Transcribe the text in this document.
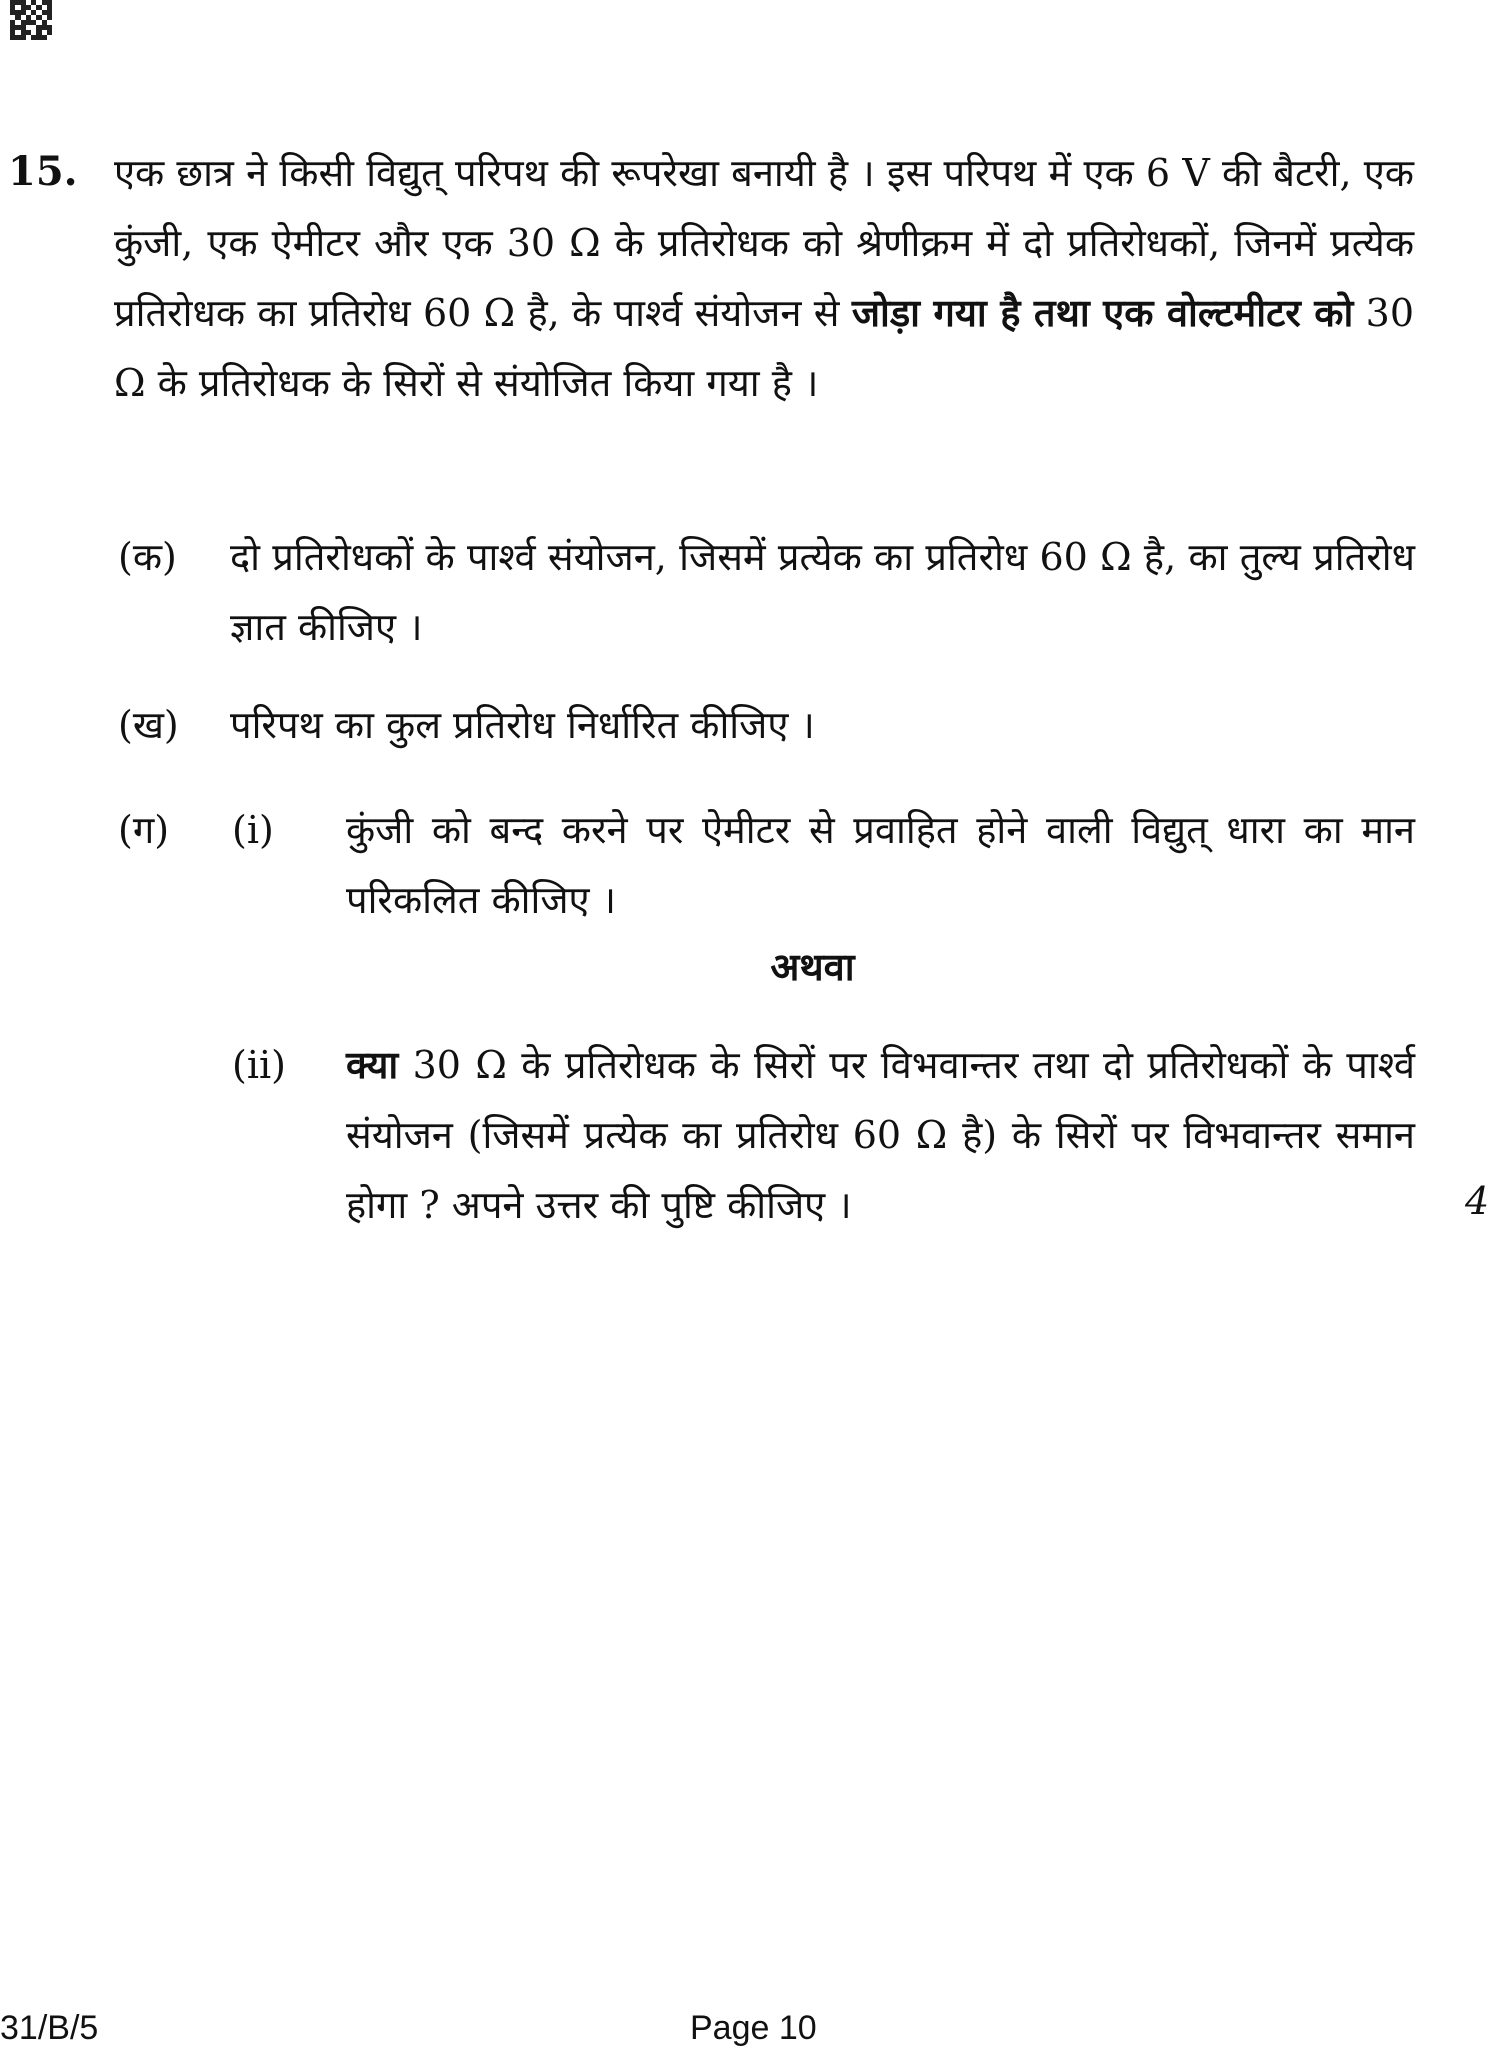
15. एक छात्र ने किसी विद्युत् परिपथ की रूपरेखा बनायी है । इस परिपथ में एक 6 V की बैटरी, एक कुंजी, एक ऐमीटर और एक 30 Ω के प्रतिरोधक को श्रेणीक्रम में दो प्रतिरोधकों, जिनमें प्रत्येक प्रतिरोधक का प्रतिरोध 60 Ω है, के पार्श्व संयोजन से जोड़ा गया है तथा एक वोल्टमीटर को 30 Ω के प्रतिरोधक के सिरों से संयोजित किया गया है ।
(क) दो प्रतिरोधकों के पार्श्व संयोजन, जिसमें प्रत्येक का प्रतिरोध 60 Ω है, का तुल्य प्रतिरोध ज्ञात कीजिए ।
(ख) परिपथ का कुल प्रतिरोध निर्धारित कीजिए ।
(ग) (i) कुंजी को बन्द करने पर ऐमीटर से प्रवाहित होने वाली विद्युत् धारा का मान परिकलित कीजिए ।
अथवा
(ii) क्या 30 Ω के प्रतिरोधक के सिरों पर विभवान्तर तथा दो प्रतिरोधकों के पार्श्व संयोजन (जिसमें प्रत्येक का प्रतिरोध 60 Ω है) के सिरों पर विभवान्तर समान होगा ? अपने उत्तर की पुष्टि कीजिए ।	4
31/B/5	Page 10
